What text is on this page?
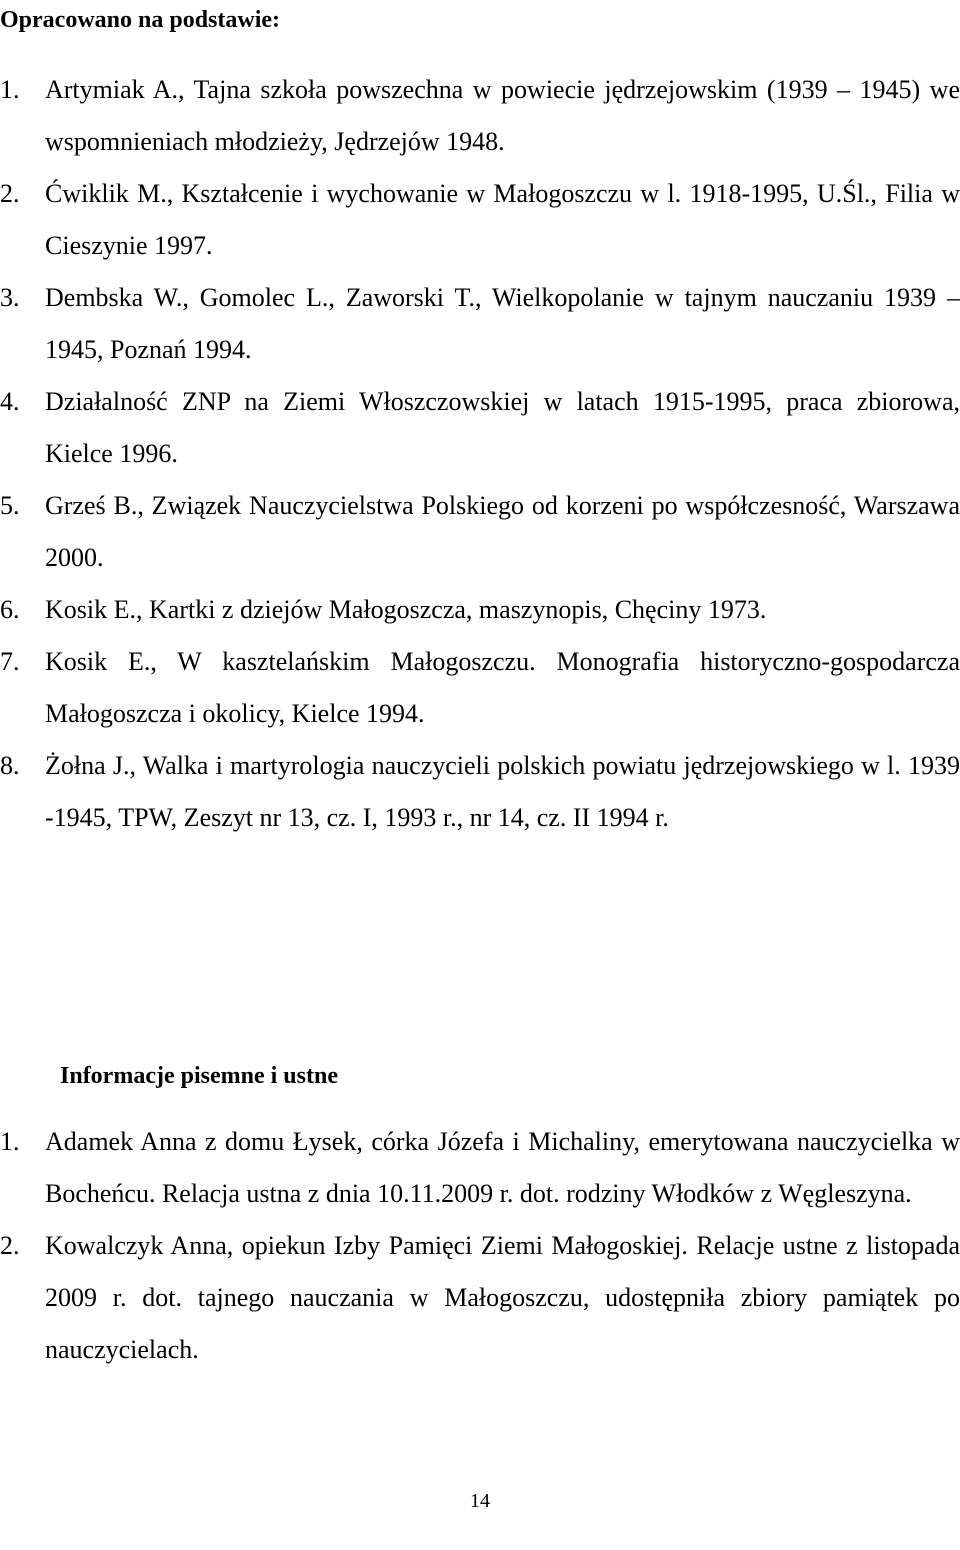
Opracowano na podstawie:
1. Artymiak A., Tajna szkoła powszechna w powiecie jędrzejowskim (1939 – 1945) we wspomnieniach młodzieży, Jędrzejów 1948.
2. Ćwiklik M., Kształcenie i wychowanie w Małogoszczu w l. 1918-1995, U.Śl., Filia w Cieszynie 1997.
3. Dembska W., Gomolec L., Zaworski T., Wielkopolanie w tajnym nauczaniu 1939 – 1945, Poznań 1994.
4. Działalność ZNP na Ziemi Włoszczowskiej w latach 1915-1995, praca zbiorowa, Kielce 1996.
5. Grześ B., Związek Nauczycielstwa Polskiego od korzeni po współczesność, Warszawa 2000.
6. Kosik E., Kartki z dziejów Małogoszcza, maszynopis, Chęciny 1973.
7. Kosik E., W kasztelańskim Małogoszczu. Monografia historyczno-gospodarcza Małogoszcza i okolicy, Kielce 1994.
8. Żołna J., Walka i martyrologia nauczycieli polskich powiatu jędrzejowskiego w l. 1939 -1945, TPW, Zeszyt nr 13, cz. I, 1993 r., nr 14, cz. II 1994 r.
Informacje pisemne i ustne
1. Adamek Anna z domu Łysek, córka Józefa i Michaliny, emerytowana nauczycielka w Bocheńcu. Relacja ustna z dnia 10.11.2009 r. dot. rodziny Włodków z Węgleszyna.
2. Kowalczyk Anna, opiekun Izby Pamięci Ziemi Małogoskiej. Relacje ustne z listopada 2009 r. dot. tajnego nauczania w Małogoszczu, udostępniła zbiory pamiątek po nauczycielach.
14
